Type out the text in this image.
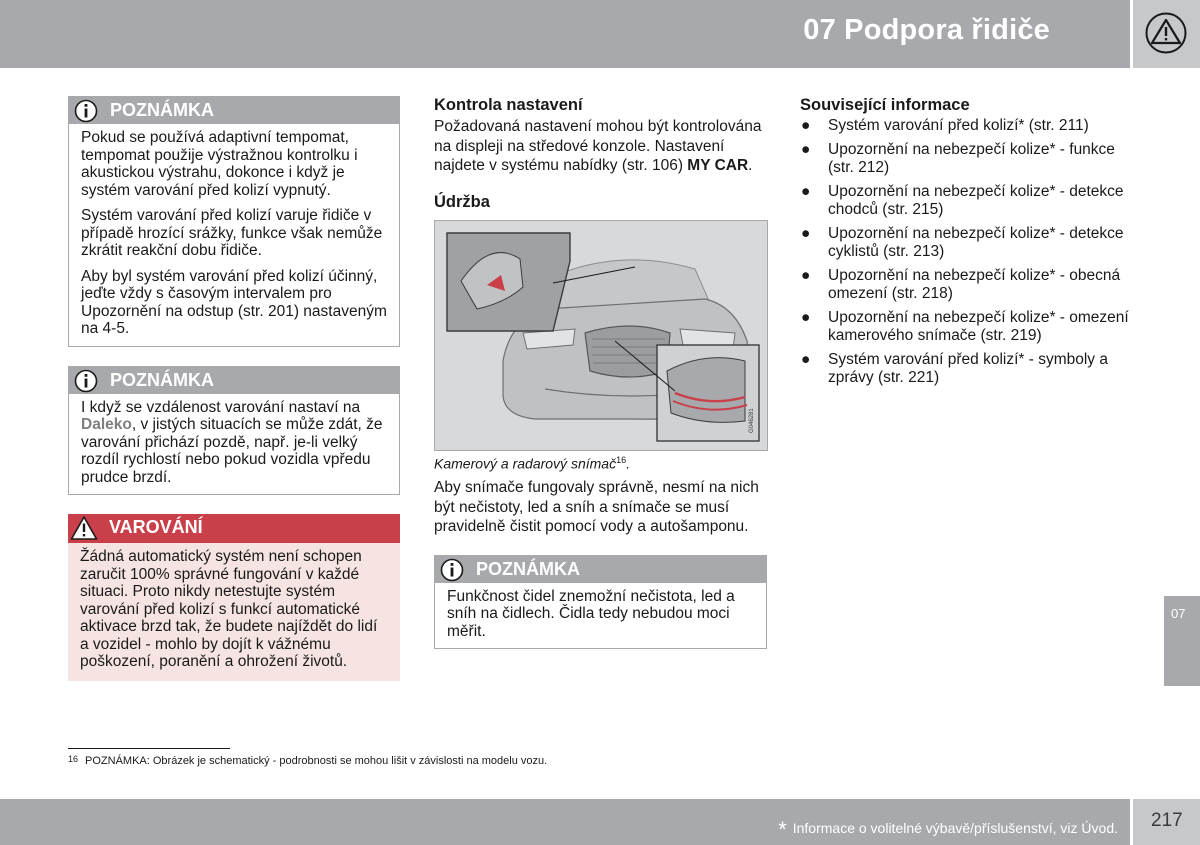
07 Podpora řidiče
POZNÁMKA

Pokud se používá adaptivní tempomat, tempomat použije výstražnou kontrolku i akustickou výstrahu, dokonce i když je systém varování před kolizí vypnutý.

Systém varování před kolizí varuje řidiče v případě hrozící srážky, funkce však nemůže zkrátit reakční dobu řidiče.

Aby byl systém varování před kolizí účinný, jeďte vždy s časovým intervalem pro Upozornění na odstup (str. 201) nastaveným na 4-5.

POZNÁMKA

I když se vzdálenost varování nastaví na Daleko, v jistých situacích se může zdát, že varování přichází pozdě, např. je-li velký rozdíl rychlostí nebo pokud vozidla vpředu prudce brzdí.

VAROVÁNÍ
Žádná automatický systém není schopen zaručit 100% správné fungování v každé situaci. Proto nikdy netestujte systém varování před kolizí s funkcí automatické aktivace brzd tak, že budete najíždět do lidí a vozidel - mohlo by dojít k vážnému poškození, poranění a ohrožení životů.
Kontrola nastavení

Požadovaná nastavení mohou být kontrolována na displeji na středové konzole. Nastavení najdete v systému nabídky (str. 106) MY CAR.

Údržba
G046281

Kamerový a radarový snímač$^{16}$.

Aby snímače fungovaly správně, nesmí na nich být nečistoty, led a sníh a snímače se musí pravidelně čistit pomocí vody a autošamponu.

POZNÁMKA

Funkčnost čidel znemožní nečistota, led a sníh na čidlech. Čidla tedy nebudou moci měřit.

Související informace
● Systém varování před kolizí* (str. 211)
● Upozornění na nebezpečí kolize* - funkce (str. 212)
● Upozornění na nebezpečí kolize* - detekce chodců (str. 215)
● Upozornění na nebezpečí kolize* - detekce cyklistů (str. 213)
● Upozornění na nebezpečí kolize* - obecná omezení (str. 218)
● Upozornění na nebezpečí kolize* - omezení kamerového snímače (str. 219)
● Systém varování před kolizí* - symboly a zprávy (str. 221)
07
16 POZNÁMKA: Obrázek je schematický - podrobnosti se mohou lišit v závislosti na modelu vozu.
* Informace o volitelné výbavě/příslušenství, viz Úvod. 217
